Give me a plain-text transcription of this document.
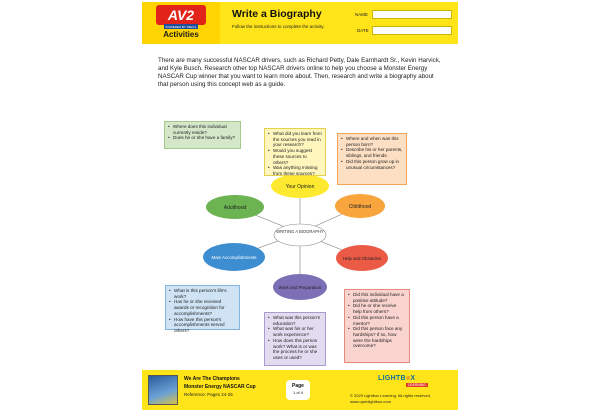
AV2
POWERED BY WEIGL
Activities
Write a Biography
Follow the instructions to complete the activity.
NAME
DATE
There are many successful NASCAR drivers, such as Richard Petty, Dale Earnhardt Sr., Kevin Harvick, and Kyle Busch. Research other top NASCAR drivers online to help you choose a Monster Energy NASCAR Cup winner that you want to learn more about. Then, research and write a biography about that person using this concept web as a guide.
WRITING A BIOGRAPHY
Your Opinion
Childhood
Help and Obstacles
Work and Preparation
Main Accomplishments
Adulthood
• Where does this individual currently reside?
• Does he or she have a family?
• What did you learn from the sources you read in your research?
• Would you suggest these sources to others?
• Was anything missing from these sources?
• Where and when was this person born?
• Describe his or her parents, siblings, and friends.
• Did this person grow up in unusual circumstances?
• What is this person's life's work?
• Has he or she received awards or recognition for accomplishments?
• How have this person's accomplishments served others?
• What was this person's education?
• What was his or her work experience?
• How does this person work? What is or was the process he or she uses or used?
• Did this individual have a positive attitude?
• Did he or she receive help from others?
• Did this person have a mentor?
• Did this person face any hardships? If so, how were the hardships overcome?
We Are The Champions
Monster Energy NASCAR Cup
Reference: Pages 24-25
Page
1 of 4
LIGHTB■X
LEARNING
© 2020 Lightbox Learning. All rights reserved.
www.openlightbox.com
